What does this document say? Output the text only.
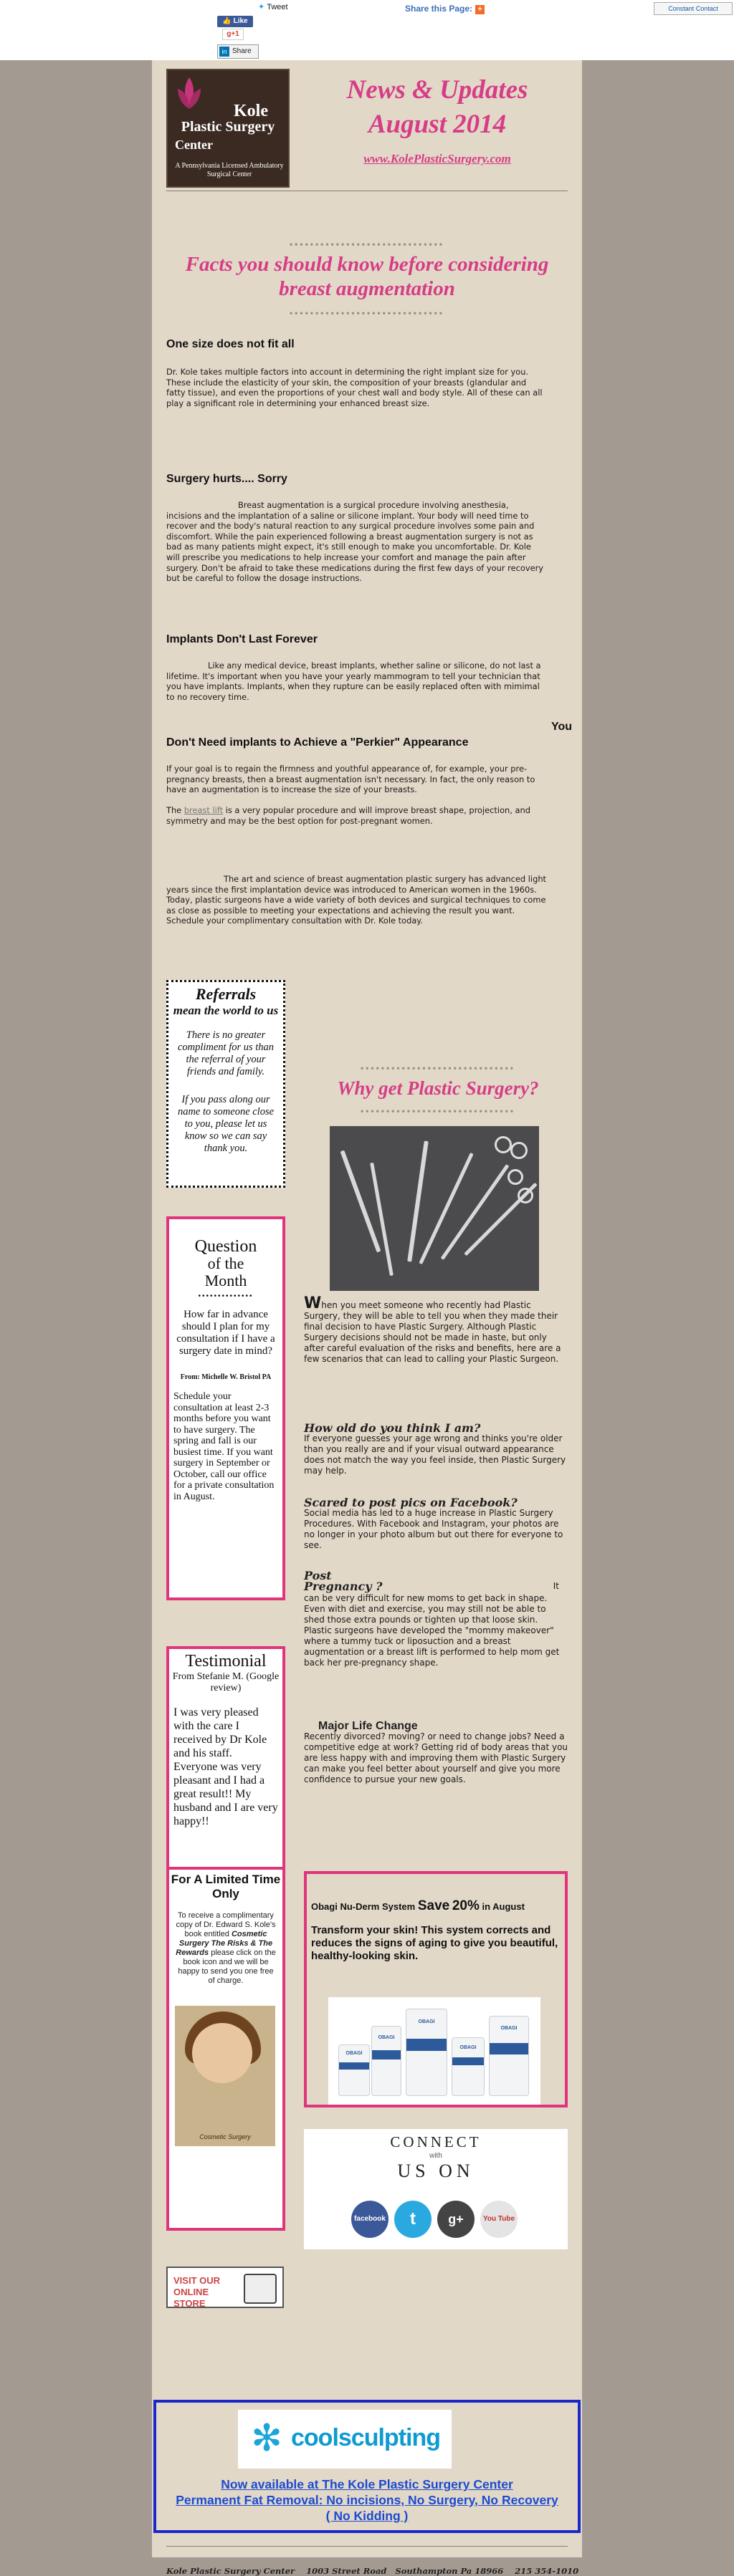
👍 Like
✦ Tweet
g+1
in Share
Share this Page: +	Constant Contact
Kole
Plastic Surgery
Center
A Pennsylvania Licensed Ambulatory Surgical Center
News & Updates
August 2014
www.KolePlasticSurgery.com
••••••••••••••••••••••••••••••
Facts you should know before considering breast augmentation
••••••••••••••••••••••••••••••
One size does not fit all
Dr. Kole takes multiple factors into account in determining the right implant size for you. These include the elasticity of your skin, the composition of your breasts (glandular and fatty tissue), and even the proportions of your chest wall and body style. All of these can all play a significant role in determining your enhanced breast size.
Surgery hurts.... Sorry
Breast augmentation is a surgical procedure involving anesthesia, incisions and the implantation of a saline or silicone implant. Your body will need time to recover and the body's natural reaction to any surgical procedure involves some pain and discomfort. While the pain experienced following a breast augmentation surgery is not as bad as many patients might expect, it's still enough to make you uncomfortable. Dr. Kole will prescribe you medications to help increase your comfort and manage the pain after surgery. Don't be afraid to take these medications during the first few days of your recovery but be careful to follow the dosage instructions.
Implants Don't Last Forever
Like any medical device, breast implants, whether saline or silicone, do not last a lifetime. It's important when you have your yearly mammogram to tell your technician that you have implants. Implants, when they rupture can be easily replaced often with mimimal to no recovery time.
You
Don't Need implants to Achieve a "Perkier" Appearance
If your goal is to regain the firmness and youthful appearance of, for example, your pre-pregnancy breasts, then a breast augmentation isn't necessary. In fact, the only reason to have an augmentation is to increase the size of your breasts.
The breast lift is a very popular procedure and will improve breast shape, projection, and symmetry and may be the best option for post-pregnant women.
The art and science of breast augmentation plastic surgery has advanced light years since the first implantation device was introduced to American women in the 1960s. Today, plastic surgeons have a wide variety of both devices and surgical techniques to come as close as possible to meeting your expectations and achieving the result you want. Schedule your complimentary consultation with Dr. Kole today.
Referrals
mean the world to us
There is no greater compliment for us than the referral of your friends and family.
If you pass along our name to someone close to you, please let us know so we can say thank you.
Question
of the
Month
••••••••••••••
How far in advance should I plan for my consultation if I have a surgery date in mind?
From: Michelle W. Bristol PA
Schedule your consultation at least 2-3 months before you want to have surgery. The spring and fall is our busiest time. If you want surgery in September or October, call our office for a private consultation in August.
Testimonial
From Stefanie M. (Google review)
I was very pleased with the care I received by Dr Kole and his staff. Everyone was very pleasant and I had a great result!! My husband and I are very happy!!
For A Limited Time Only
To receive a complimentary copy of Dr. Edward S. Kole's book entitled Cosmetic Surgery The Risks & The Rewards please click on the book icon and we will be happy to send you one free of charge.
Cosmetic Surgery
VISIT OUR ONLINE STORE
••••••••••••••••••••••••••••••
Why get Plastic Surgery?
••••••••••••••••••••••••••••••
When you meet someone who recently had Plastic Surgery, they will be able to tell you when they made their final decision to have Plastic Surgery. Although Plastic Surgery decisions should not be made in haste, but only after careful evaluation of the risks and benefits, here are a few scenarios that can lead to calling your Plastic Surgeon.
How old do you think I am?
If everyone guesses your age wrong and thinks you're older than you really are and if your visual outward appearance does not match the way you feel inside, then Plastic Surgery may help.
Scared to post pics on Facebook?
Social media has led to a huge increase in Plastic Surgery Procedures. With Facebook and Instagram, your photos are no longer in your photo album but out there for everyone to see.
Post
Pregnancy ?	It
can be very difficult for new moms to get back in shape. Even with diet and exercise, you may still not be able to shed those extra pounds or tighten up that loose skin. Plastic surgeons have developed the "mommy makeover" where a tummy tuck or liposuction and a breast augmentation or a breast lift is performed to help mom get back her pre-pregnancy shape.
Major Life Change
Recently divorced? moving? or need to change jobs? Need a competitive edge at work? Getting rid of body areas that you are less happy with and improving them with Plastic Surgery can make you feel better about yourself and give you more confidence to pursue your new goals.
Obagi Nu-Derm System Save 20% in August
Transform your skin! This system corrects and reduces the signs of aging to give you beautiful, healthy-looking skin.
OBAGI
OBAGI
OBAGI
OBAGI
OBAGI
CONNECT
with
US ON
facebook	t	g+	You Tube
✻ coolsculpting
Now available at The Kole Plastic Surgery Center
Permanent Fat Removal: No incisions, No Surgery, No Recovery
( No Kidding )
Kole Plastic Surgery Center    1003 Street Road   Southampton Pa 18966    215 354-1010
